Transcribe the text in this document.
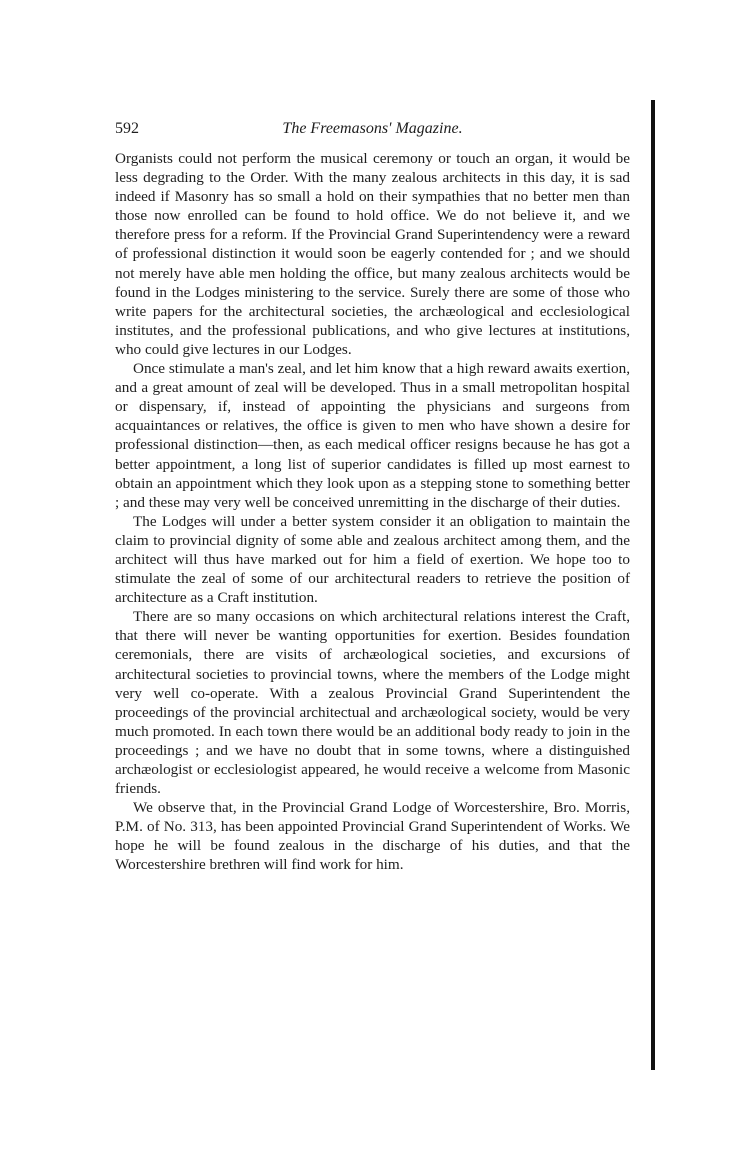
592	The Freemasons' Magazine.

Organists could not perform the musical ceremony or touch an organ, it would be less degrading to the Order. With the many zealous architects in this day, it is sad indeed if Masonry has so small a hold on their sympathies that no better men than those now enrolled can be found to hold office. We do not believe it, and we therefore press for a reform. If the Provincial Grand Superintendency were a reward of professional distinction it would soon be eagerly contended for ; and we should not merely have able men holding the office, but many zealous architects would be found in the Lodges ministering to the service. Surely there are some of those who write papers for the architectural societies, the archæological and ecclesiological institutes, and the professional publications, and who give lectures at institutions, who could give lectures in our Lodges.

Once stimulate a man's zeal, and let him know that a high reward awaits exertion, and a great amount of zeal will be developed. Thus in a small metropolitan hospital or dispensary, if, instead of appointing the physicians and surgeons from acquaintances or relatives, the office is given to men who have shown a desire for professional distinction—then, as each medical officer resigns because he has got a better appointment, a long list of superior candidates is filled up most earnest to obtain an appointment which they look upon as a stepping stone to something better ; and these may very well be conceived unremitting in the discharge of their duties.

The Lodges will under a better system consider it an obligation to maintain the claim to provincial dignity of some able and zealous architect among them, and the architect will thus have marked out for him a field of exertion. We hope too to stimulate the zeal of some of our architectural readers to retrieve the position of architecture as a Craft institution.

There are so many occasions on which architectural relations interest the Craft, that there will never be wanting opportunities for exertion. Besides foundation ceremonials, there are visits of archæological societies, and excursions of architectural societies to provincial towns, where the members of the Lodge might very well co-operate. With a zealous Provincial Grand Superintendent the proceedings of the provincial architectual and archæological society, would be very much promoted. In each town there would be an additional body ready to join in the proceedings ; and we have no doubt that in some towns, where a distinguished archæologist or ecclesiologist appeared, he would receive a welcome from Masonic friends.

We observe that, in the Provincial Grand Lodge of Worcestershire, Bro. Morris, P.M. of No. 313, has been appointed Provincial Grand Superintendent of Works. We hope he will be found zealous in the discharge of his duties, and that the Worcestershire brethren will find work for him.
